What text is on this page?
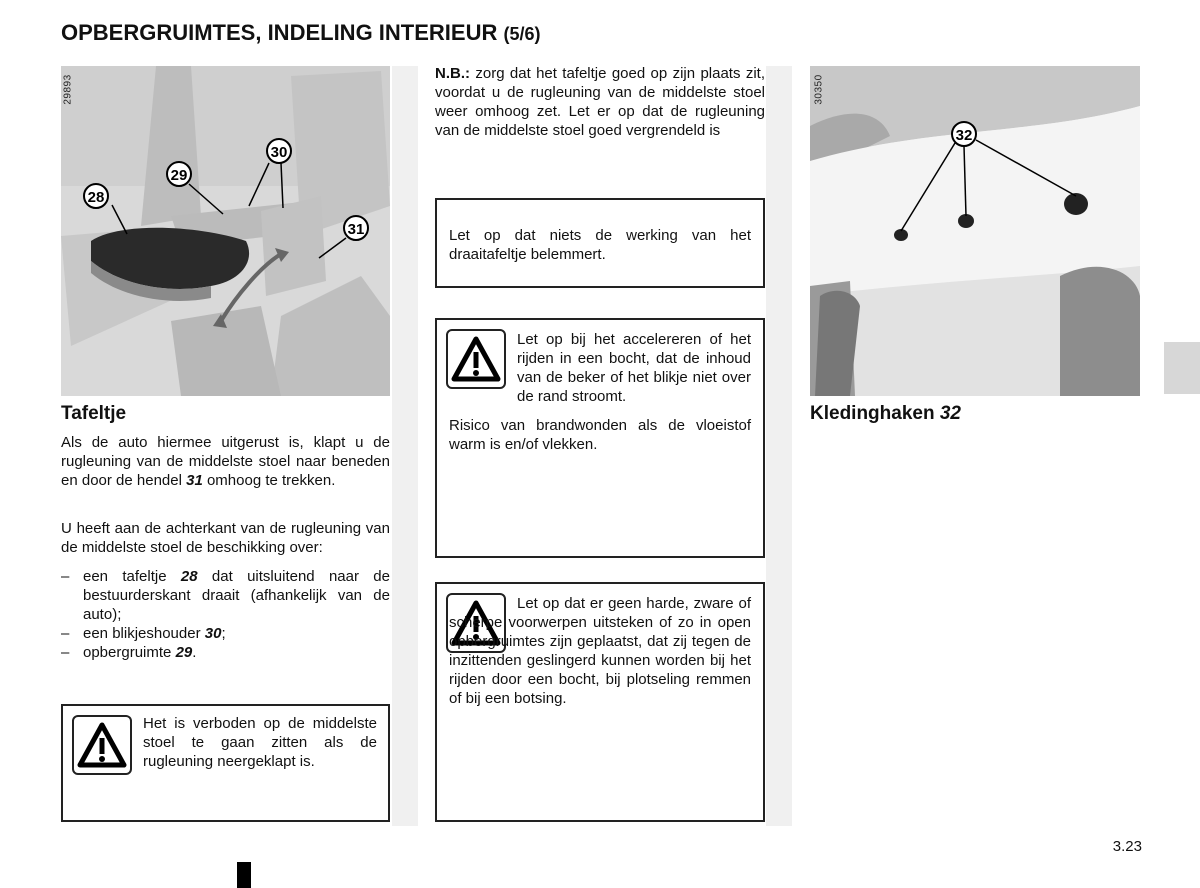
OPBERGRUIMTES, INDELING INTERIEUR (5/6)
28
29
30
31
29893
Tafeltje

Als de auto hiermee uitgerust is, klapt u de rugleuning van de middelste stoel naar beneden en door de hendel 31 omhoog te trekken.

U heeft aan de achterkant van de rugleuning van de middelste stoel de beschikking over:

– een tafeltje 28 dat uitsluitend naar de bestuurderskant draait (afhankelijk van de auto);
– een blikjeshouder 30;
– opbergruimte 29.

Het is verboden op de middelste stoel te gaan zitten als de rugleuning neergeklapt is.

N.B.: zorg dat het tafeltje goed op zijn plaats zit, voordat u de rugleuning van de middelste stoel weer omhoog zet. Let er op dat de rugleuning van de middelste stoel goed vergrendeld is

Let op dat niets de werking van het draaitafeltje belemmert.

Let op bij het accelereren of het rijden in een bocht, dat de inhoud van de beker of het blikje niet over de rand stroomt.

Risico van brandwonden als de vloeistof warm is en/of vlekken.

Let op dat er geen harde, zware of scherpe voorwerpen uitsteken of zo in open opbergruimtes zijn geplaatst, dat zij tegen de inzittenden geslingerd kunnen worden bij het rijden door een bocht, bij plotseling remmen of bij een botsing.

32
30350
Kledinghaken 32
3.23
